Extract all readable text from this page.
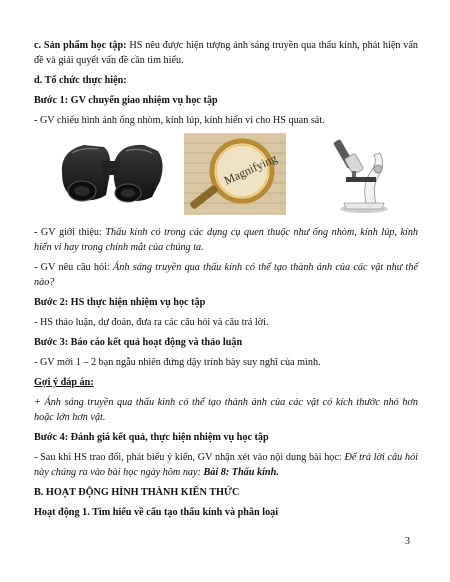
c. Sản phẩm học tập: HS nêu được hiện tượng ánh sáng truyền qua thấu kính, phát hiện vấn đề và giải quyết vấn đề cần tìm hiểu.

d. Tổ chức thực hiện:

Bước 1: GV chuyển giao nhiệm vụ học tập

- GV chiếu hình ảnh ống nhòm, kính lúp, kính hiển vi cho HS quan sát.

Magnifying

- GV giới thiệu: Thấu kính có trong các dụng cụ quen thuộc như ống nhòm, kính lúp, kính hiển vi hay trong chính mắt của chúng ta.

- GV nêu câu hỏi: Ánh sáng truyền qua thấu kính có thể tạo thành ảnh của các vật như thế nào?

Bước 2: HS thực hiện nhiệm vụ học tập

- HS thảo luận, dự đoán, đưa ra các câu hỏi và câu trả lời.

Bước 3: Báo cáo kết quả hoạt động và thảo luận

- GV mời 1 – 2 bạn ngẫu nhiên đứng dậy trình bày suy nghĩ của mình.

Gợi ý đáp án:

+ Ánh sáng truyền qua thấu kính có thể tạo thành ảnh của các vật có kích thước nhỏ hơn hoặc lớn hơn vật.

Bước 4: Đánh giá kết quả, thực hiện nhiệm vụ học tập

- Sau khi HS trao đổi, phát biểu ý kiến, GV nhận xét vào nội dung bài học: Để trả lời câu hỏi này chúng ra vào bài học ngày hôm nay: Bài 8: Thấu kính.

B. HOẠT ĐỘNG HÌNH THÀNH KIẾN THỨC

Hoạt động 1. Tìm hiểu về cấu tạo thấu kính và phân loại

3
